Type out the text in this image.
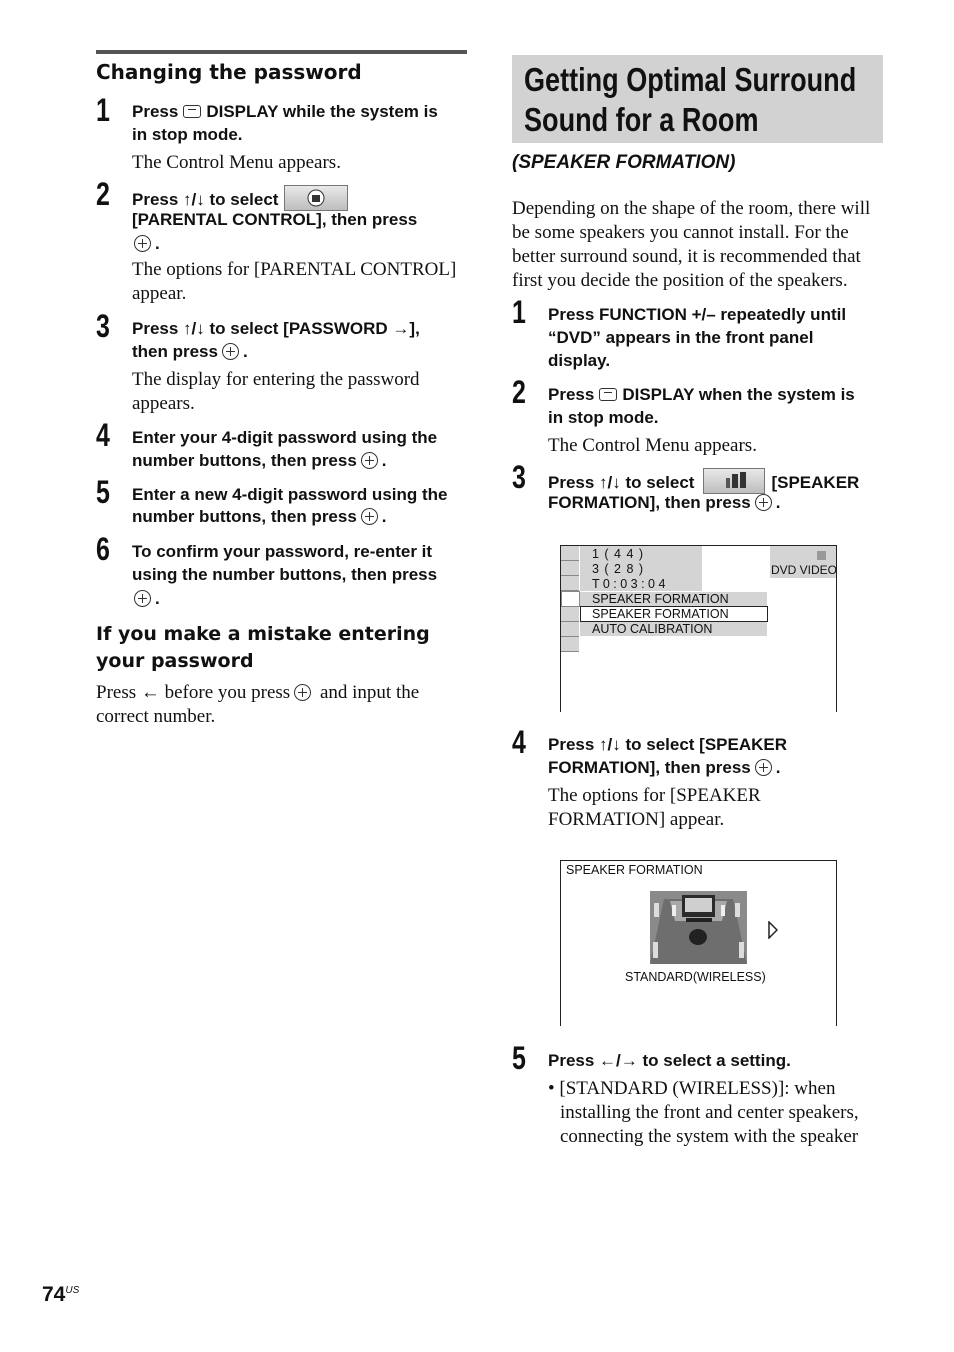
Changing the password
1 Press DISPLAY while the system is
in stop mode.
The Control Menu appears.
2 Press ↑/↓ to select
[PARENTAL CONTROL], then press
.
The options for [PARENTAL CONTROL]
appear.
3 Press ↑/↓ to select [PASSWORD →],
then press .
The display for entering the password
appears.
4 Enter your 4-digit password using the
number buttons, then press .
5 Enter a new 4-digit password using the
number buttons, then press .
6 To confirm your password, re-enter it
using the number buttons, then press
.
If you make a mistake entering
your password
Press ← before you press and input the
correct number.
Getting Optimal Surround
Sound for a Room
(SPEAKER FORMATION)
Depending on the shape of the room, there will
be some speakers you cannot install. For the
better surround sound, it is recommended that
first you decide the position of the speakers.
1 Press FUNCTION +/– repeatedly until
“DVD” appears in the front panel
display.
2 Press DISPLAY when the system is
in stop mode.
The Control Menu appears.
3 Press ↑/↓ to select	[SPEAKER
FORMATION], then press .
1 ( 4 4 )
3 ( 2 8 )
T 0 : 0 3 : 0 4
DVD VIDEO
SPEAKER FORMATION
SPEAKER FORMATION
AUTO CALIBRATION
4 Press ↑/↓ to select [SPEAKER
FORMATION], then press .
The options for [SPEAKER
FORMATION] appear.
SPEAKER FORMATION
STANDARD(WIRELESS)
5 Press ←/→ to select a setting.
• [STANDARD (WIRELESS)]: when
installing the front and center speakers,
connecting the system with the speaker
$74^{US}$
